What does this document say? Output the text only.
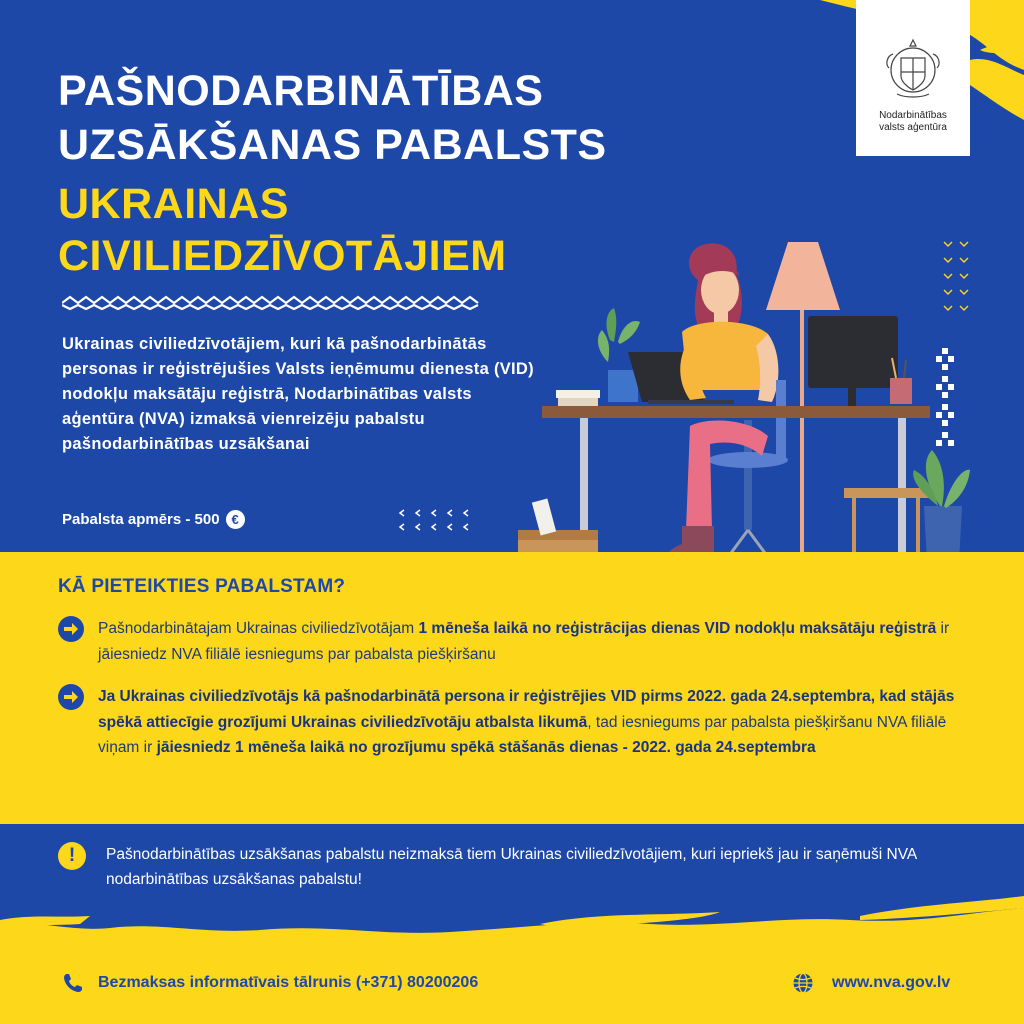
PAŠNODARBINĀTĪBAS
UZSĀKŠANAS PABALSTS
UKRAINAS
CIVILIEDZĪVOTĀJIEM
Ukrainas civiliedzīvotājiem, kuri kā pašnodarbinātās personas ir reģistrējušies Valsts ieņēmumu dienesta (VID) nodokļu maksātāju reģistrā, Nodarbinātības valsts aģentūra (NVA) izmaksā vienreizēju pabalstu pašnodarbinātības uzsākšanai
Pabalsta apmērs - 500 €
Nodarbinātības
valsts aģentūra
KĀ PIETEIKTIES PABALSTAM?
Pašnodarbinātajam Ukrainas civiliedzīvotājam 1 mēneša laikā no reģistrācijas dienas VID nodokļu maksātāju reģistrā ir jāiesniedz NVA filiālē iesniegums par pabalsta piešķiršanu
Ja Ukrainas civiliedzīvotājs kā pašnodarbinātā persona ir reģistrējies VID pirms 2022. gada 24.septembra, kad stājās spēkā attiecīgie grozījumi Ukrainas civiliedzīvotāju atbalsta likumā, tad iesniegums par pabalsta piešķiršanu NVA filiālē viņam ir jāiesniedz 1 mēneša laikā no grozījumu spēkā stāšanās dienas - 2022. gada 24.septembra
!	Pašnodarbinātības uzsākšanas pabalstu neizmaksā tiem Ukrainas civiliedzīvotājiem, kuri iepriekš jau ir saņēmuši NVA nodarbinātības uzsākšanas pabalstu!
Bezmaksas informatīvais tālrunis (+371) 80200206	www.nva.gov.lv
